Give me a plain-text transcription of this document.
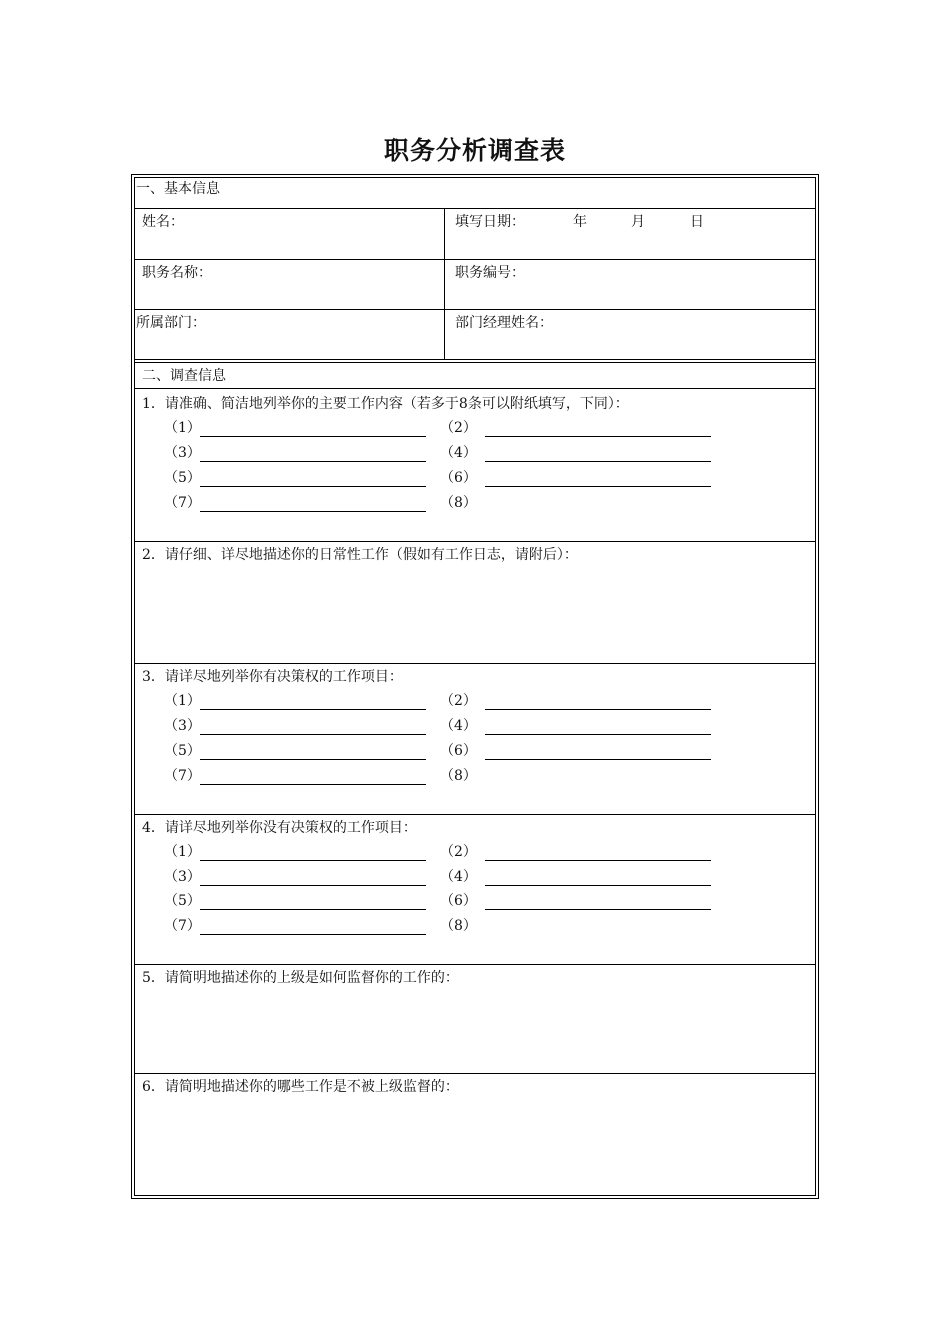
职务分析调查表
一、基本信息
姓名：	填写日期：	年	月	日
职务名称：	职务编号：
所属部门：	部门经理姓名：
二、调查信息
1．请准确、简洁地列举你的主要工作内容（若多于8条可以附纸填写，下同）：
（1）	（2）
（3）	（4）
（5）	（6）
（7）	（8）
2．请仔细、详尽地描述你的日常性工作（假如有工作日志，请附后）：
3．请详尽地列举你有决策权的工作项目：
（1）	（2）
（3）	（4）
（5）	（6）
（7）	（8）
4．请详尽地列举你没有决策权的工作项目：
（1）	（2）
（3）	（4）
（5）	（6）
（7）	（8）
5．请简明地描述你的上级是如何监督你的工作的：
6．请简明地描述你的哪些工作是不被上级监督的：
